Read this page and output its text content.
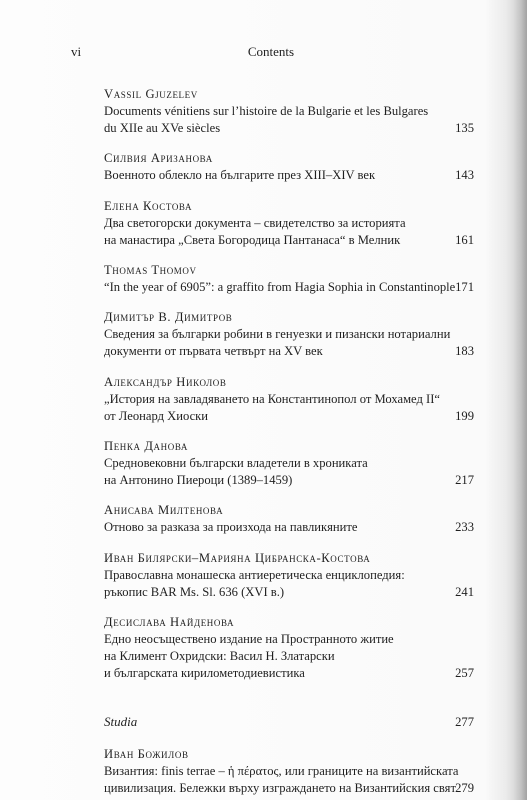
vi	Contents
Vassil Gjuzelev
Documents vénitiens sur l’histoire de la Bulgarie et les Bulgares
du XIIe au XVe siècles	135
Силвия Аризанова
Военното облекло на българите през XIII–XIV век	143
Елена Костова
Два светогорски документа – свидетелство за историята
на манастира „Света Богородица Пантанаса“ в Мелник	161
Thomas Thomov
“In the year of 6905”: a graffito from Hagia Sophia in Constantinople 171
Димитър В. Димитров
Сведения за българки робини в генуезки и пизански нотариални
документи от първата четвърт на XV век	183
Александър Николов
„История на завладяването на Константинопол от Мохамед II“
от Леонард Хиоски	199
Пенка Данова
Средновековни български владетели в хрониката
на Антонино Пиероци (1389–1459)	217
Анисава Милтенова
Отново за разказа за произхода на павликяните	233
Иван Билярски–Марияна Цибранска-Костова
Православна монашеска антиеретическа енциклопедия:
ръкопис BAR Ms. Sl. 636 (XVI в.)	241
Десислава Найденова
Едно неосъществено издание на Пространното житие
на Климент Охридски: Васил Н. Златарски
и българската кирилометодиевистика	257
Studia	277
Иван Божилов
Византия: finis terrae – ἡ πέρατος, или границите на византийската
цивилизация. Бележки върху изграждането на Византийския свят 279
